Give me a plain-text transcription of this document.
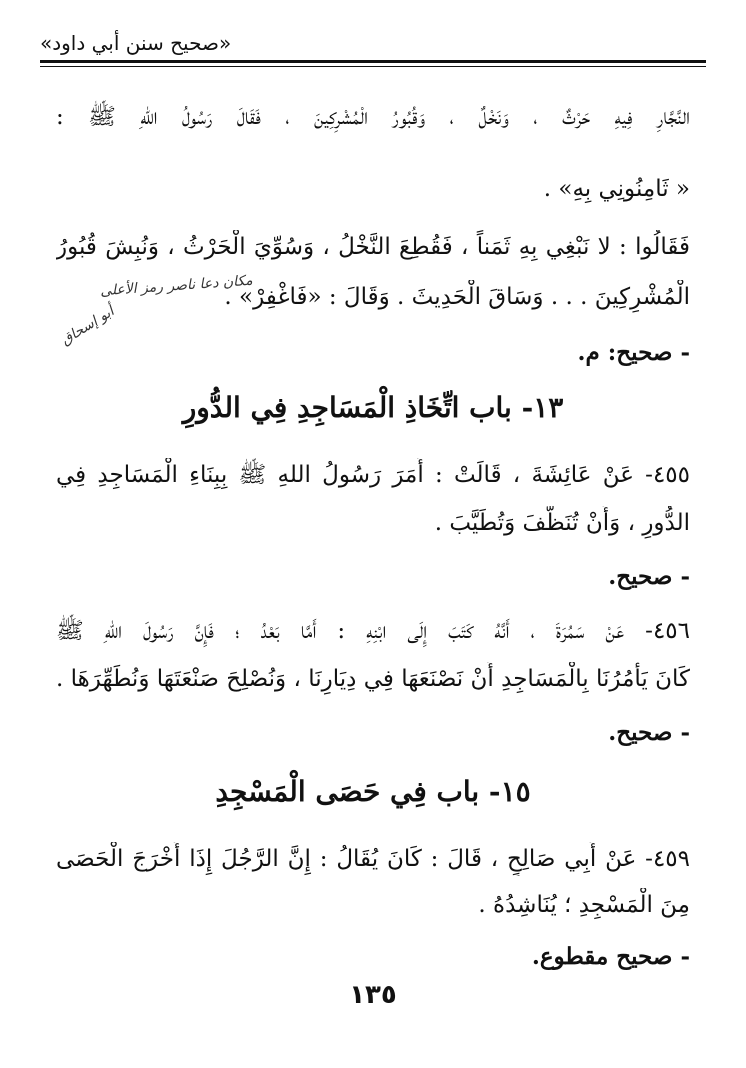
«صحيح سنن أبي داود»
النَّجَّارِ فِيهِ حَرْثٌ ، وَنَخْلٌ ، وَقُبُورُ الْمُشْرِكِينَ ، فَقَالَ رَسُولُ اللهِ ﷺ :
« ثَامِنُونِي بِهِ» .
فَقَالُوا : لا نَبْغِي بِهِ ثَمَناً ، فَقُطِعَ النَّخْلُ ، وَسُوِّيَ الْحَرْثُ ، وَنُبِشَ قُبُورُ
الْمُشْرِكِينَ . . . وَسَاقَ الْحَدِيثَ . وَقَالَ : «فَاغْفِرْ» .
- صحيح: م.
١٣- باب اتِّخَاذِ الْمَسَاجِدِ فِي الدُّورِ
٤٥٥- عَنْ عَائِشَةَ ، قَالَتْ : أَمَرَ رَسُولُ اللهِ ﷺ بِبِنَاءِ الْمَسَاجِدِ فِي
الدُّورِ ، وَأَنْ تُنَظَّفَ وَتُطَيَّبَ .
- صحيح.
٤٥٦- عَنْ سَمُرَةَ ، أَنَّهُ كَتَبَ إِلَى ابْنِهِ : أَمَّا بَعْدُ ؛ فَإِنَّ رَسُولَ اللهِ ﷺ
كَانَ يَأْمُرُنَا بِالْمَسَاجِدِ أَنْ نَصْنَعَهَا فِي دِيَارِنَا ، وَنُصْلِحَ صَنْعَتَهَا وَنُطَهِّرَهَا .
- صحيح.
١٥- باب فِي حَصَى الْمَسْجِدِ
٤٥٩- عَنْ أَبِي صَالِحٍ ، قَالَ : كَانَ يُقَالُ : إِنَّ الرَّجُلَ إِذَا أَخْرَجَ الْحَصَى
مِنَ الْمَسْجِدِ ؛ يُنَاشِدُهُ .
- صحيح مقطوع.
مكان دعا ناصر رمز الأعلى
أبو إسحاق
١٣٥
